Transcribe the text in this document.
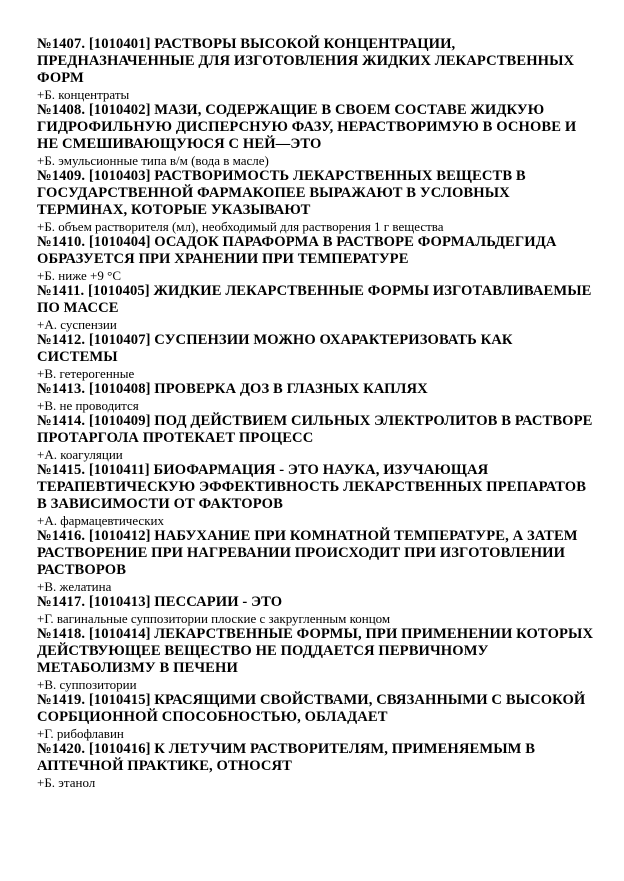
№1407. [1010401] РАСТВОРЫ ВЫСОКОЙ КОНЦЕНТРАЦИИ, ПРЕДНАЗНАЧЕННЫЕ ДЛЯ ИЗГОТОВЛЕНИЯ ЖИДКИХ ЛЕКАРСТВЕННЫХ ФОРМ
+Б. концентраты
№1408. [1010402] МАЗИ, СОДЕРЖАЩИЕ В СВОЕМ СОСТАВЕ ЖИДКУЮ ГИДРОФИЛЬНУЮ ДИСПЕРСНУЮ ФАЗУ, НЕРАСТВОРИМУЮ В ОСНОВЕ И НЕ СМЕШИВАЮЩУЮСЯ С НЕЙ—ЭТО
+Б. эмульсионные типа в/м (вода в масле)
№1409. [1010403] РАСТВОРИМОСТЬ ЛЕКАРСТВЕННЫХ ВЕЩЕСТВ В ГОСУДАРСТВЕННОЙ ФАРМАКОПЕЕ ВЫРАЖАЮТ В УСЛОВНЫХ ТЕРМИНАХ, КОТОРЫЕ УКАЗЫВАЮТ
+Б. объем растворителя (мл), необходимый для растворения 1 г вещества
№1410. [1010404] ОСАДОК ПАРАФОРМА В РАСТВОРЕ ФОРМАЛЬДЕГИДА ОБРАЗУЕТСЯ ПРИ ХРАНЕНИИ ПРИ ТЕМПЕРАТУРЕ
+Б. ниже +9 °С
№1411. [1010405] ЖИДКИЕ ЛЕКАРСТВЕННЫЕ ФОРМЫ ИЗГОТАВЛИВАЕМЫЕ ПО МАССЕ
+А. суспензии
№1412. [1010407] СУСПЕНЗИИ МОЖНО ОХАРАКТЕРИЗОВАТЬ КАК СИСТЕМЫ
+В. гетерогенные
№1413. [1010408] ПРОВЕРКА ДОЗ В ГЛАЗНЫХ КАПЛЯХ
+В. не проводится
№1414. [1010409] ПОД ДЕЙСТВИЕМ СИЛЬНЫХ ЭЛЕКТРОЛИТОВ В РАСТВОРЕ ПРОТАРГОЛА ПРОТЕКАЕТ ПРОЦЕСС
+А. коагуляции
№1415. [1010411] БИОФАРМАЦИЯ - ЭТО НАУКА, ИЗУЧАЮЩАЯ ТЕРАПЕВТИЧЕСКУЮ ЭФФЕКТИВНОСТЬ ЛЕКАРСТВЕННЫХ ПРЕПАРАТОВ В ЗАВИСИМОСТИ ОТ ФАКТОРОВ
+А. фармацевтических
№1416. [1010412] НАБУХАНИЕ ПРИ КОМНАТНОЙ ТЕМПЕРАТУРЕ, А ЗАТЕМ РАСТВОРЕНИЕ ПРИ НАГРЕВАНИИ ПРОИСХОДИТ ПРИ ИЗГОТОВЛЕНИИ РАСТВОРОВ
+В. желатина
№1417. [1010413] ПЕССАРИИ - ЭТО
+Г. вагинальные суппозитории плоские с закругленным концом
№1418. [1010414] ЛЕКАРСТВЕННЫЕ ФОРМЫ, ПРИ ПРИМЕНЕНИИ КОТОРЫХ ДЕЙСТВУЮЩЕЕ ВЕЩЕСТВО НЕ ПОДДАЕТСЯ ПЕРВИЧНОМУ МЕТАБОЛИЗМУ В ПЕЧЕНИ
+В. суппозитории
№1419. [1010415] КРАСЯЩИМИ СВОЙСТВАМИ, СВЯЗАННЫМИ С ВЫСОКОЙ СОРБЦИОННОЙ СПОСОБНОСТЬЮ, ОБЛАДАЕТ
+Г. рибофлавин
№1420. [1010416] К ЛЕТУЧИМ РАСТВОРИТЕЛЯМ, ПРИМЕНЯЕМЫМ В АПТЕЧНОЙ ПРАКТИКЕ, ОТНОСЯТ
+Б. этанол
